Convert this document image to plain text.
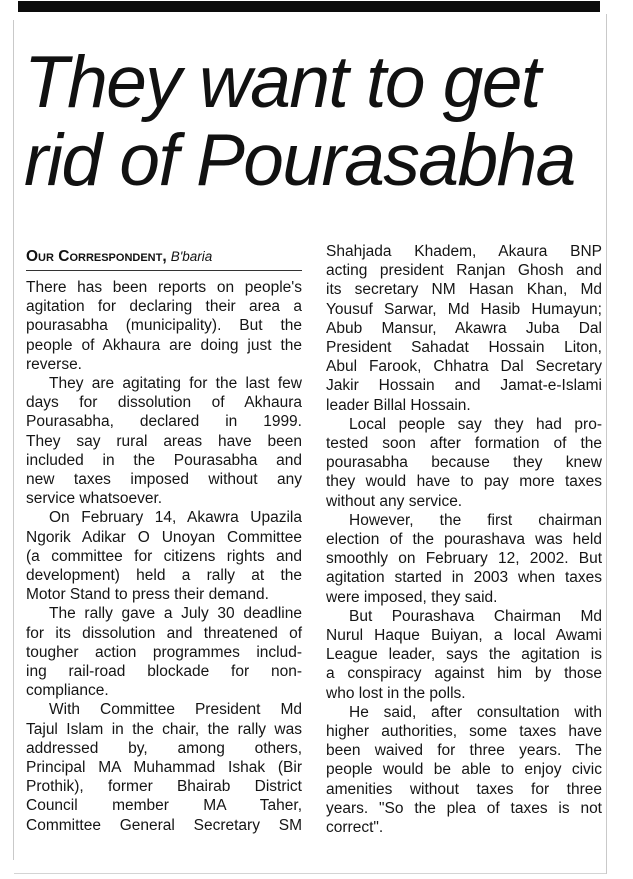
They want to get
rid of Pourasabha
Our Correspondent, B'baria
There has been reports on people's
agitation for declaring their area a
pourasabha (municipality). But the
people of Akhaura are doing just the
reverse.
They are agitating for the last few
days for dissolution of Akhaura
Pourasabha, declared in 1999.
They say rural areas have been
included in the Pourasabha and
new taxes imposed without any
service whatsoever.
On February 14, Akawra Upazila
Ngorik Adikar O Unoyan Committee
(a committee for citizens rights and
development) held a rally at the
Motor Stand to press their demand.
The rally gave a July 30 deadline
for its dissolution and threatened of
tougher action programmes includ-
ing rail-road blockade for non-
compliance.
With Committee President Md
Tajul Islam in the chair, the rally was
addressed by, among others,
Principal MA Muhammad Ishak (Bir
Prothik), former Bhairab District
Council member MA Taher,
Committee General Secretary SM
Shahjada Khadem, Akaura BNP
acting president Ranjan Ghosh and
its secretary NM Hasan Khan, Md
Yousuf Sarwar, Md Hasib Humayun;
Abub Mansur, Akawra Juba Dal
President Sahadat Hossain Liton,
Abul Farook, Chhatra Dal Secretary
Jakir Hossain and Jamat-e-Islami
leader Billal Hossain.
Local people say they had pro-
tested soon after formation of the
pourasabha because they knew
they would have to pay more taxes
without any service.
However, the first chairman
election of the pourashava was held
smoothly on February 12, 2002. But
agitation started in 2003 when taxes
were imposed, they said.
But Pourashava Chairman Md
Nurul Haque Buiyan, a local Awami
League leader, says the agitation is
a conspiracy against him by those
who lost in the polls.
He said, after consultation with
higher authorities, some taxes have
been waived for three years. The
people would be able to enjoy civic
amenities without taxes for three
years. "So the plea of taxes is not
correct".
